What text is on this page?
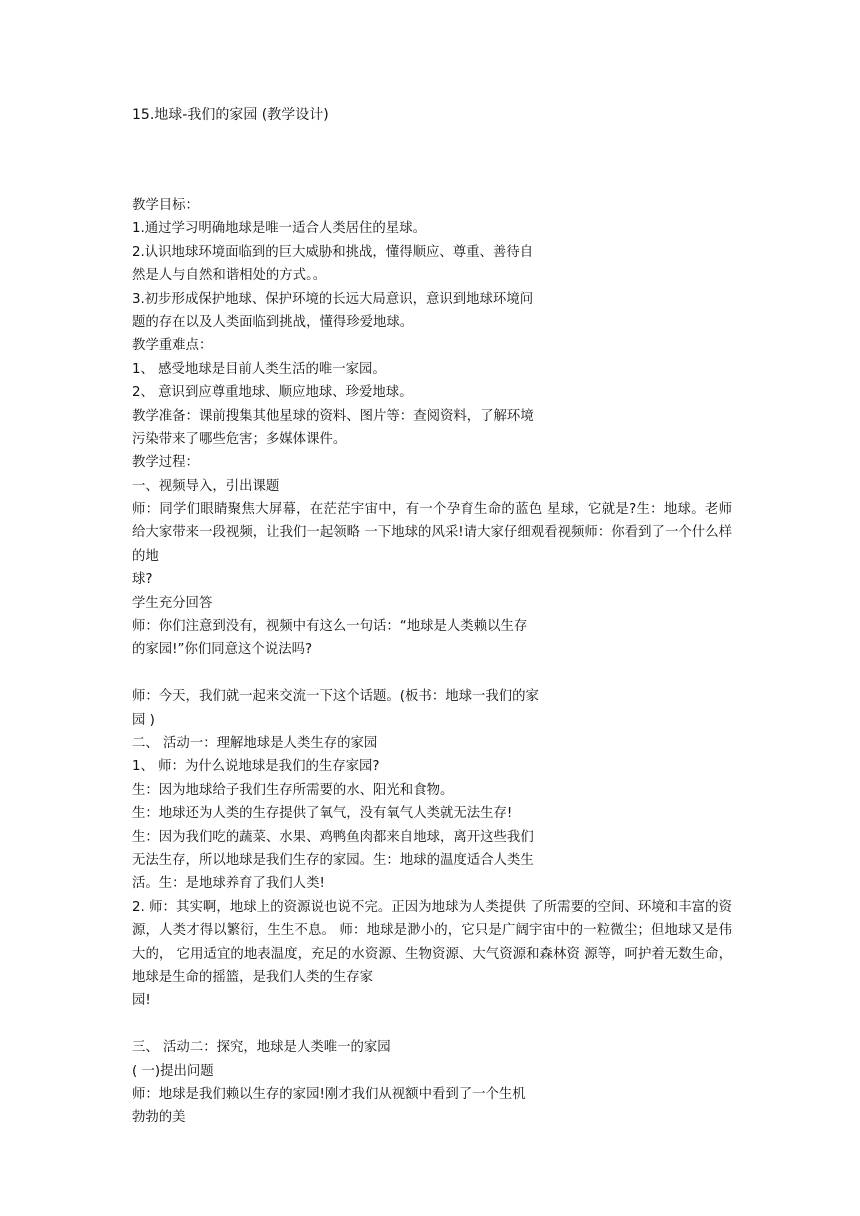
15.地球-我们的家园 (教学设计)
教学目标：
1.通过学习明确地球是唯一适合人类居住的星球。
2.认识地球环境面临到的巨大威胁和挑战，懂得顺应、尊重、善待自
然是人与自然和谐相处的方式。。
3.初步形成保护地球、保护环境的长远大局意识，意识到地球环境问
题的存在以及人类面临到挑战，懂得珍爱地球。
教学重难点：
1、 感受地球是目前人类生活的唯一家园。
2、 意识到应尊重地球、顺应地球、珍爱地球。
教学准备：课前搜集其他星球的资料、图片等：查阅资料，了解环境
污染带来了哪些危害；多媒体课件。
教学过程：
一、视频导入，引出课题
师：同学们眼睛聚焦大屏幕，在茫茫宇宙中，有一个孕育生命的蓝色 星球，它就是?生：地球。老师给大家带来一段视频，让我们一起领略 一下地球的风采!请大家仔细观看视频师：你看到了一个什么样的地
球?
学生充分回答
师：你们注意到没有，视频中有这么一句话：“地球是人类赖以生存
的家园!”你们同意这个说法吗?
师：今天，我们就一起来交流一下这个话题。(板书：地球一我们的家
园 )
二、 活动一：理解地球是人类生存的家园
1、 师：为什么说地球是我们的生存家园?
生：因为地球给子我们生存所需要的水、阳光和食物。
生：地球还为人类的生存提供了氧气，没有氧气人类就无法生存!
生：因为我们吃的蔬菜、水果、鸡鸭鱼肉都来自地球，离开这些我们
无法生存，所以地球是我们生存的家园。生：地球的温度适合人类生
活。生：是地球养育了我们人类!
2. 师：其实啊，地球上的资源说也说不完。正因为地球为人类提供 了所需要的空间、环境和丰富的资源，人类才得以繁衍，生生不息。 师：地球是渺小的，它只是广阔宇宙中的一粒微尘；但地球又是伟大的， 它用适宜的地表温度，充足的水资源、生物资源、大气资源和森林资 源等，呵护着无数生命，地球是生命的摇篮，是我们人类的生存家
园!
三、 活动二：探究，地球是人类唯一的家园
( 一)提出问题
师：地球是我们赖以生存的家园!刚才我们从视额中看到了一个生机
勃勃的美
